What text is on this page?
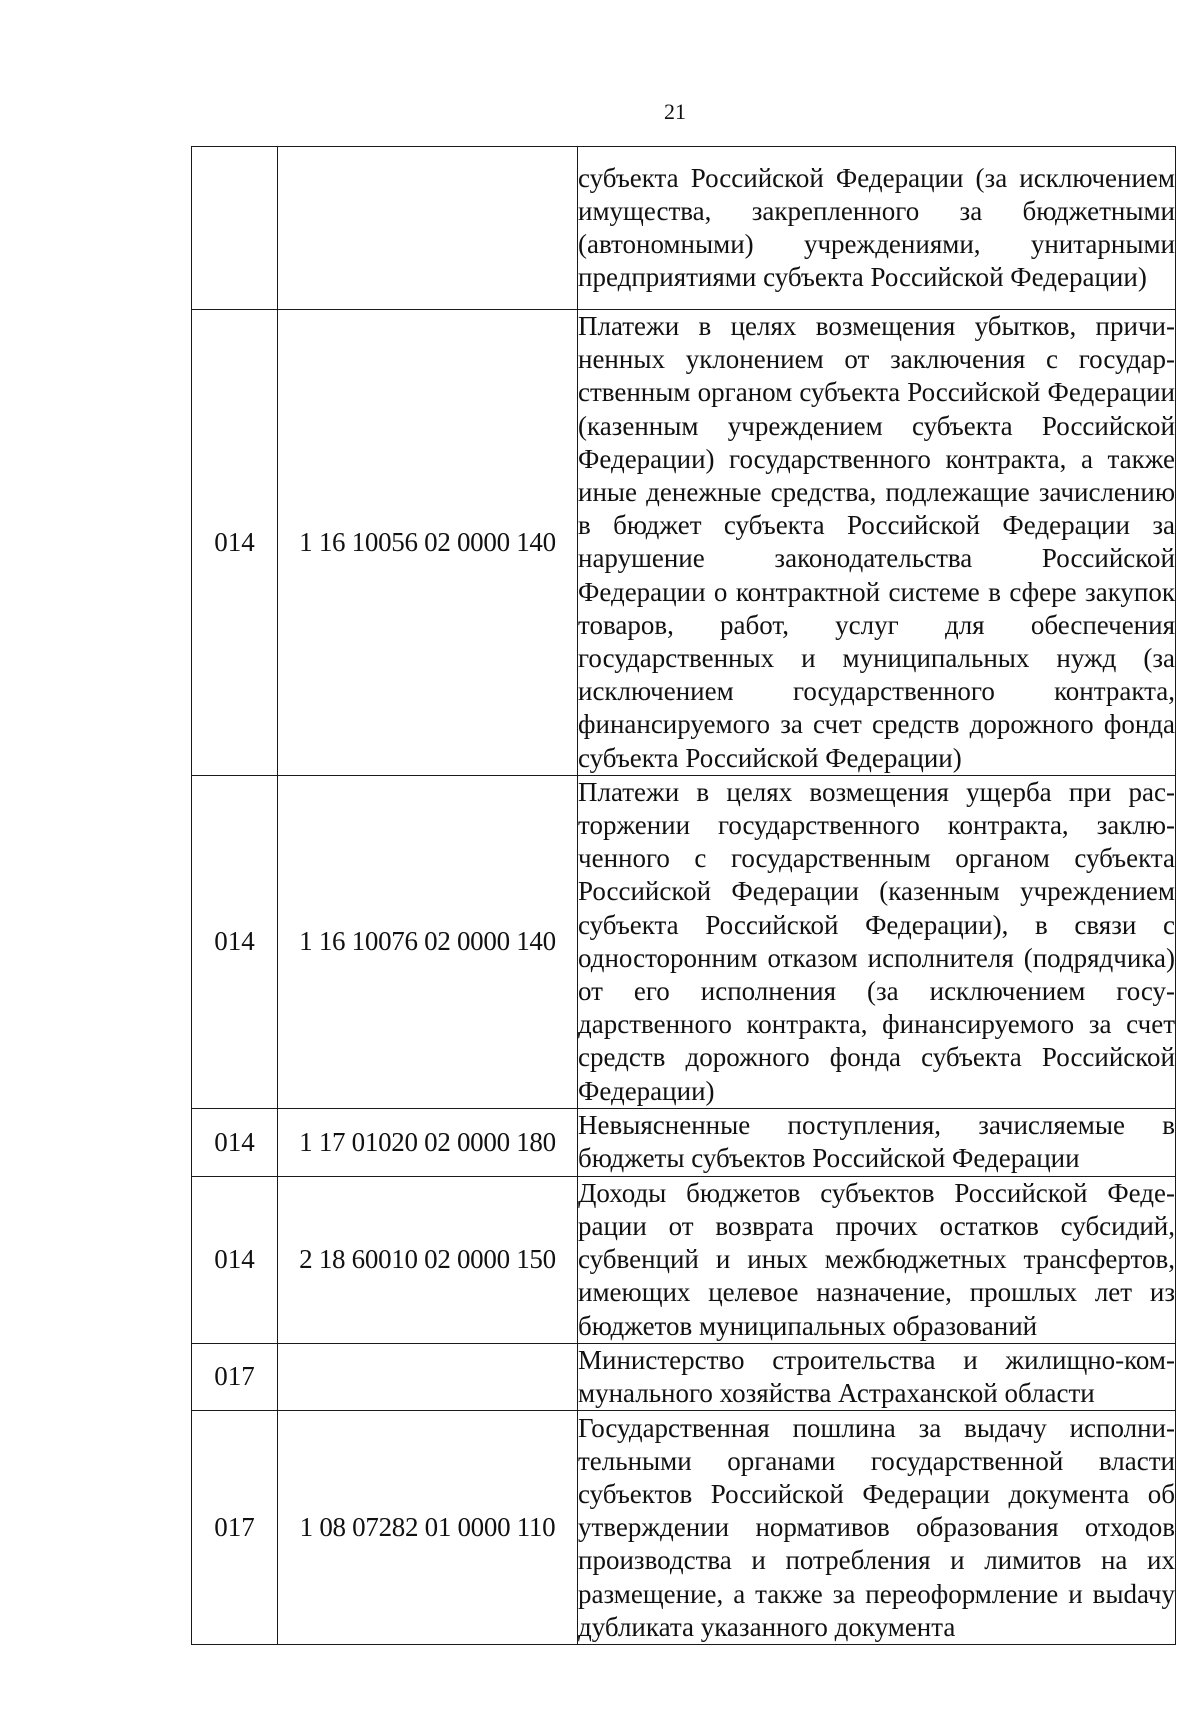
21
		субъекта Российской Федерации (за исключением имущества, закрепленного за бюджетными (автономными) учреждениями, унитарными предприятиями субъекта Российской Федерации)
014	1 16 10056 02 0000 140	Платежи в целях возмещения убытков, причиненных уклонением от заключения с государственным органом субъекта Российской Федерации (казенным учреждением субъекта Российской Федерации) государственного контракта, а также иные денежные средства, подлежащие зачислению в бюджет субъекта Российской Федерации за нарушение законодательства Российской Федерации о контрактной системе в сфере закупок товаров, работ, услуг для обеспечения государственных и муниципальных нужд (за исключением государственного контракта, финансируемого за счет средств дорожного фонда субъекта Российской Федерации)
014	1 16 10076 02 0000 140	Платежи в целях возмещения ущерба при расторжении государственного контракта, заключенного с государственным органом субъекта Российской Федерации (казенным учреждением субъекта Российской Федерации), в связи с односторонним отказом исполнителя (подрядчика) от его исполнения (за исключением государственного контракта, финансируемого за счет средств дорожного фонда субъекта Российской Федерации)
014	1 17 01020 02 0000 180	Невыясненные поступления, зачисляемые в бюджеты субъектов Российской Федерации
014	2 18 60010 02 0000 150	Доходы бюджетов субъектов Российской Федерации от возврата прочих остатков субсидий, субвенций и иных межбюджетных трансфертов, имеющих целевое назначение, прошлых лет из бюджетов муниципальных образований
017		Министерство строительства и жилищно-коммунального хозяйства Астраханской области
017	1 08 07282 01 0000 110	Государственная пошлина за выдачу исполнительными органами государственной власти субъектов Российской Федерации документа об утверждении нормативов образования отходов производства и потребления и лимитов на их размещение, а также за переоформление и выdачу дубликата указанного документа
